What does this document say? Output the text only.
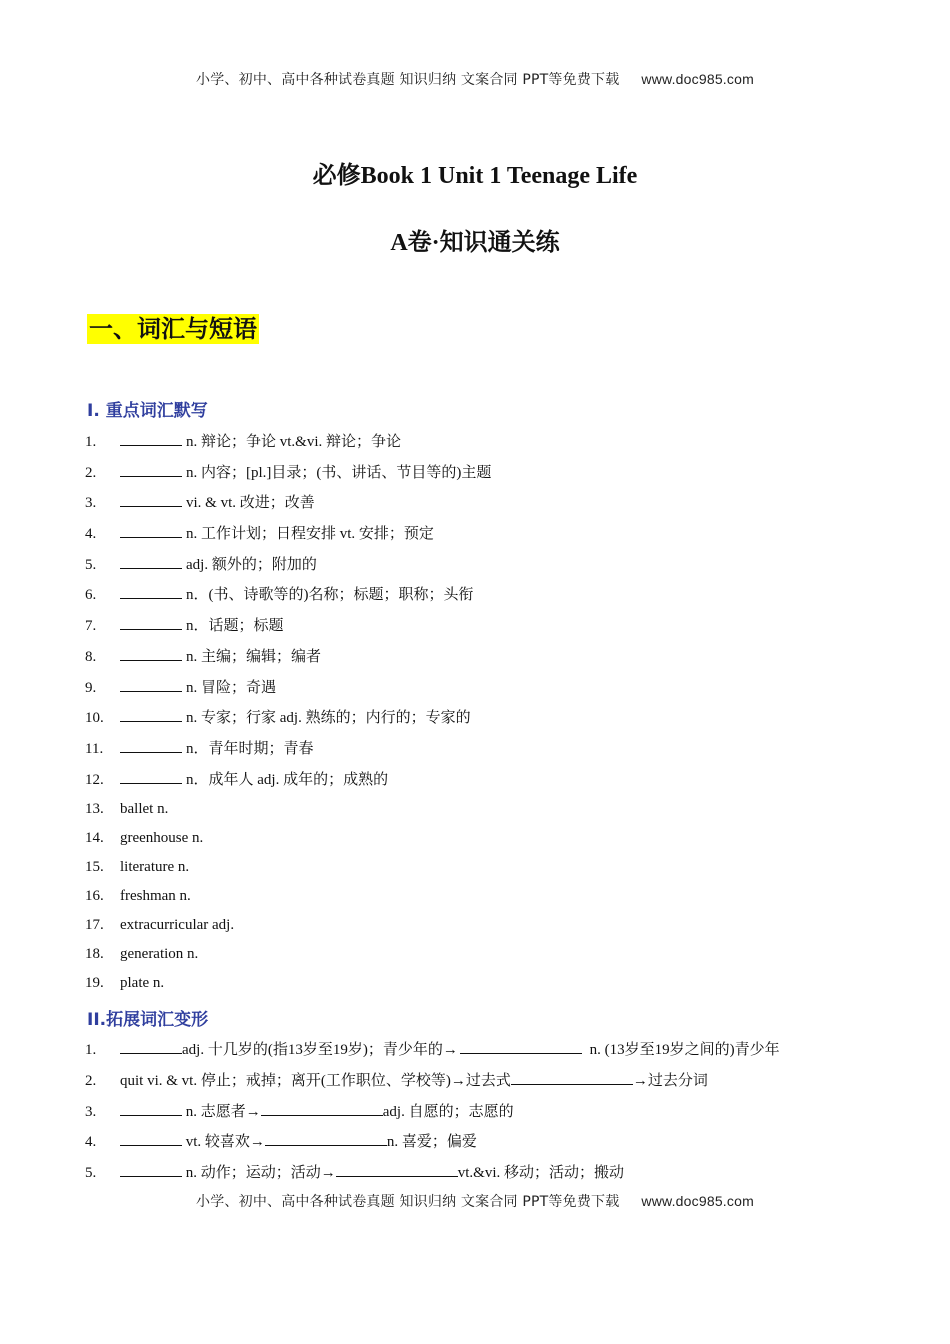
小学、初中、高中各种试卷真题 知识归纳 文案合同 PPT等免费下载 www.doc985.com
必修Book 1 Unit 1 Teenage Life
A卷·知识通关练
一、词汇与短语
I. 重点词汇默写
1.	n. 辩论；争论 vt.&vi. 辩论；争论
2.	n. 内容；[pl.]目录；(书、讲话、节目等的)主题
3.	vi. & vt. 改进；改善
4.	n. 工作计划；日程安排 vt. 安排；预定
5.	adj. 额外的；附加的
6.	n．(书、诗歌等的)名称；标题；职称；头衔
7.	n．话题；标题
8.	n. 主编；编辑；编者
9.	n. 冒险；奇遇
10.	n. 专家；行家 adj. 熟练的；内行的；专家的
11.	n．青年时期；青春
12.	n．成年人 adj. 成年的；成熟的
13.	ballet n.
14.	greenhouse n.
15.	literature n.
16.	freshman n.
17.	extracurricular adj.
18.	generation n.
19.	plate n.
II.拓展词汇变形
1.	adj. 十几岁的(指13岁至19岁)；青少年的→	n. (13岁至19岁之间的)青少年
2.	quit vi. & vt. 停止；戒掉；离开(工作职位、学校等)→过去式	→过去分词
3.	n. 志愿者→	adj. 自愿的；志愿的
4.	vt. 较喜欢→	n. 喜爱；偏爱
5.	n. 动作；运动；活动→	vt.&vi. 移动；活动；搬动
小学、初中、高中各种试卷真题 知识归纳 文案合同 PPT等免费下载 www.doc985.com
